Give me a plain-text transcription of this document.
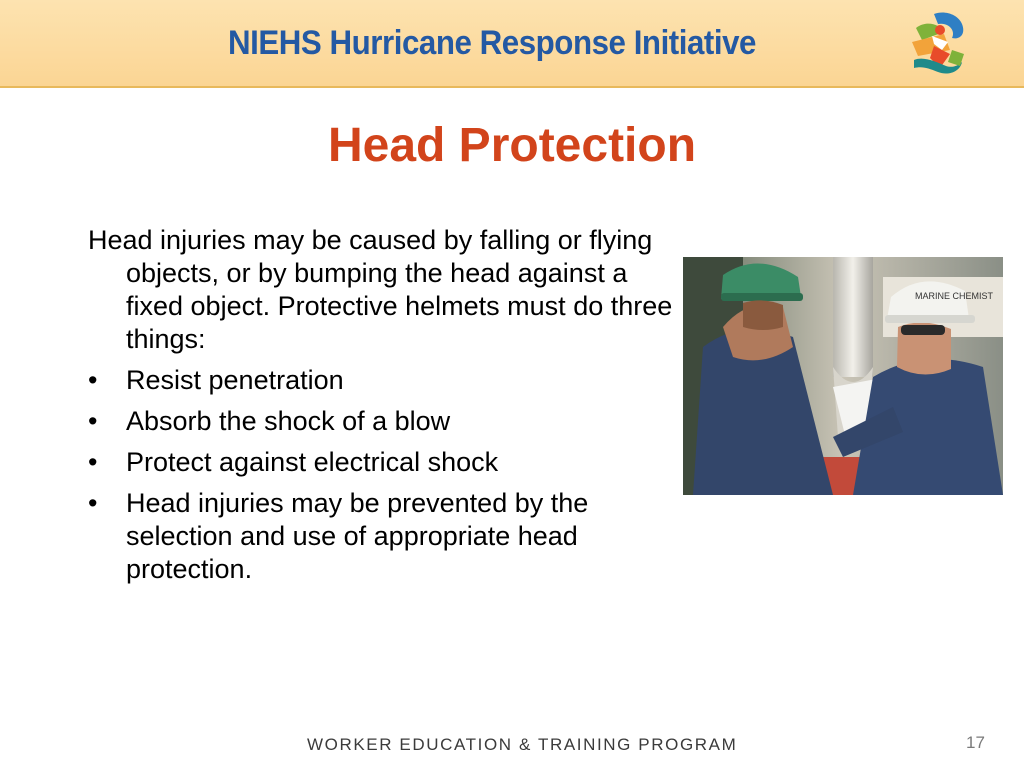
NIEHS Hurricane Response Initiative
Head Protection

Head injuries may be caused by falling or flying objects, or by bumping the head against a fixed object. Protective helmets must do three things:

• Resist penetration
• Absorb the shock of a blow
• Protect against electrical shock
• Head injuries may be prevented by the selection and use of appropriate head protection.
MARINE CHEMIST
WORKER EDUCATION & TRAINING PROGRAM	17
